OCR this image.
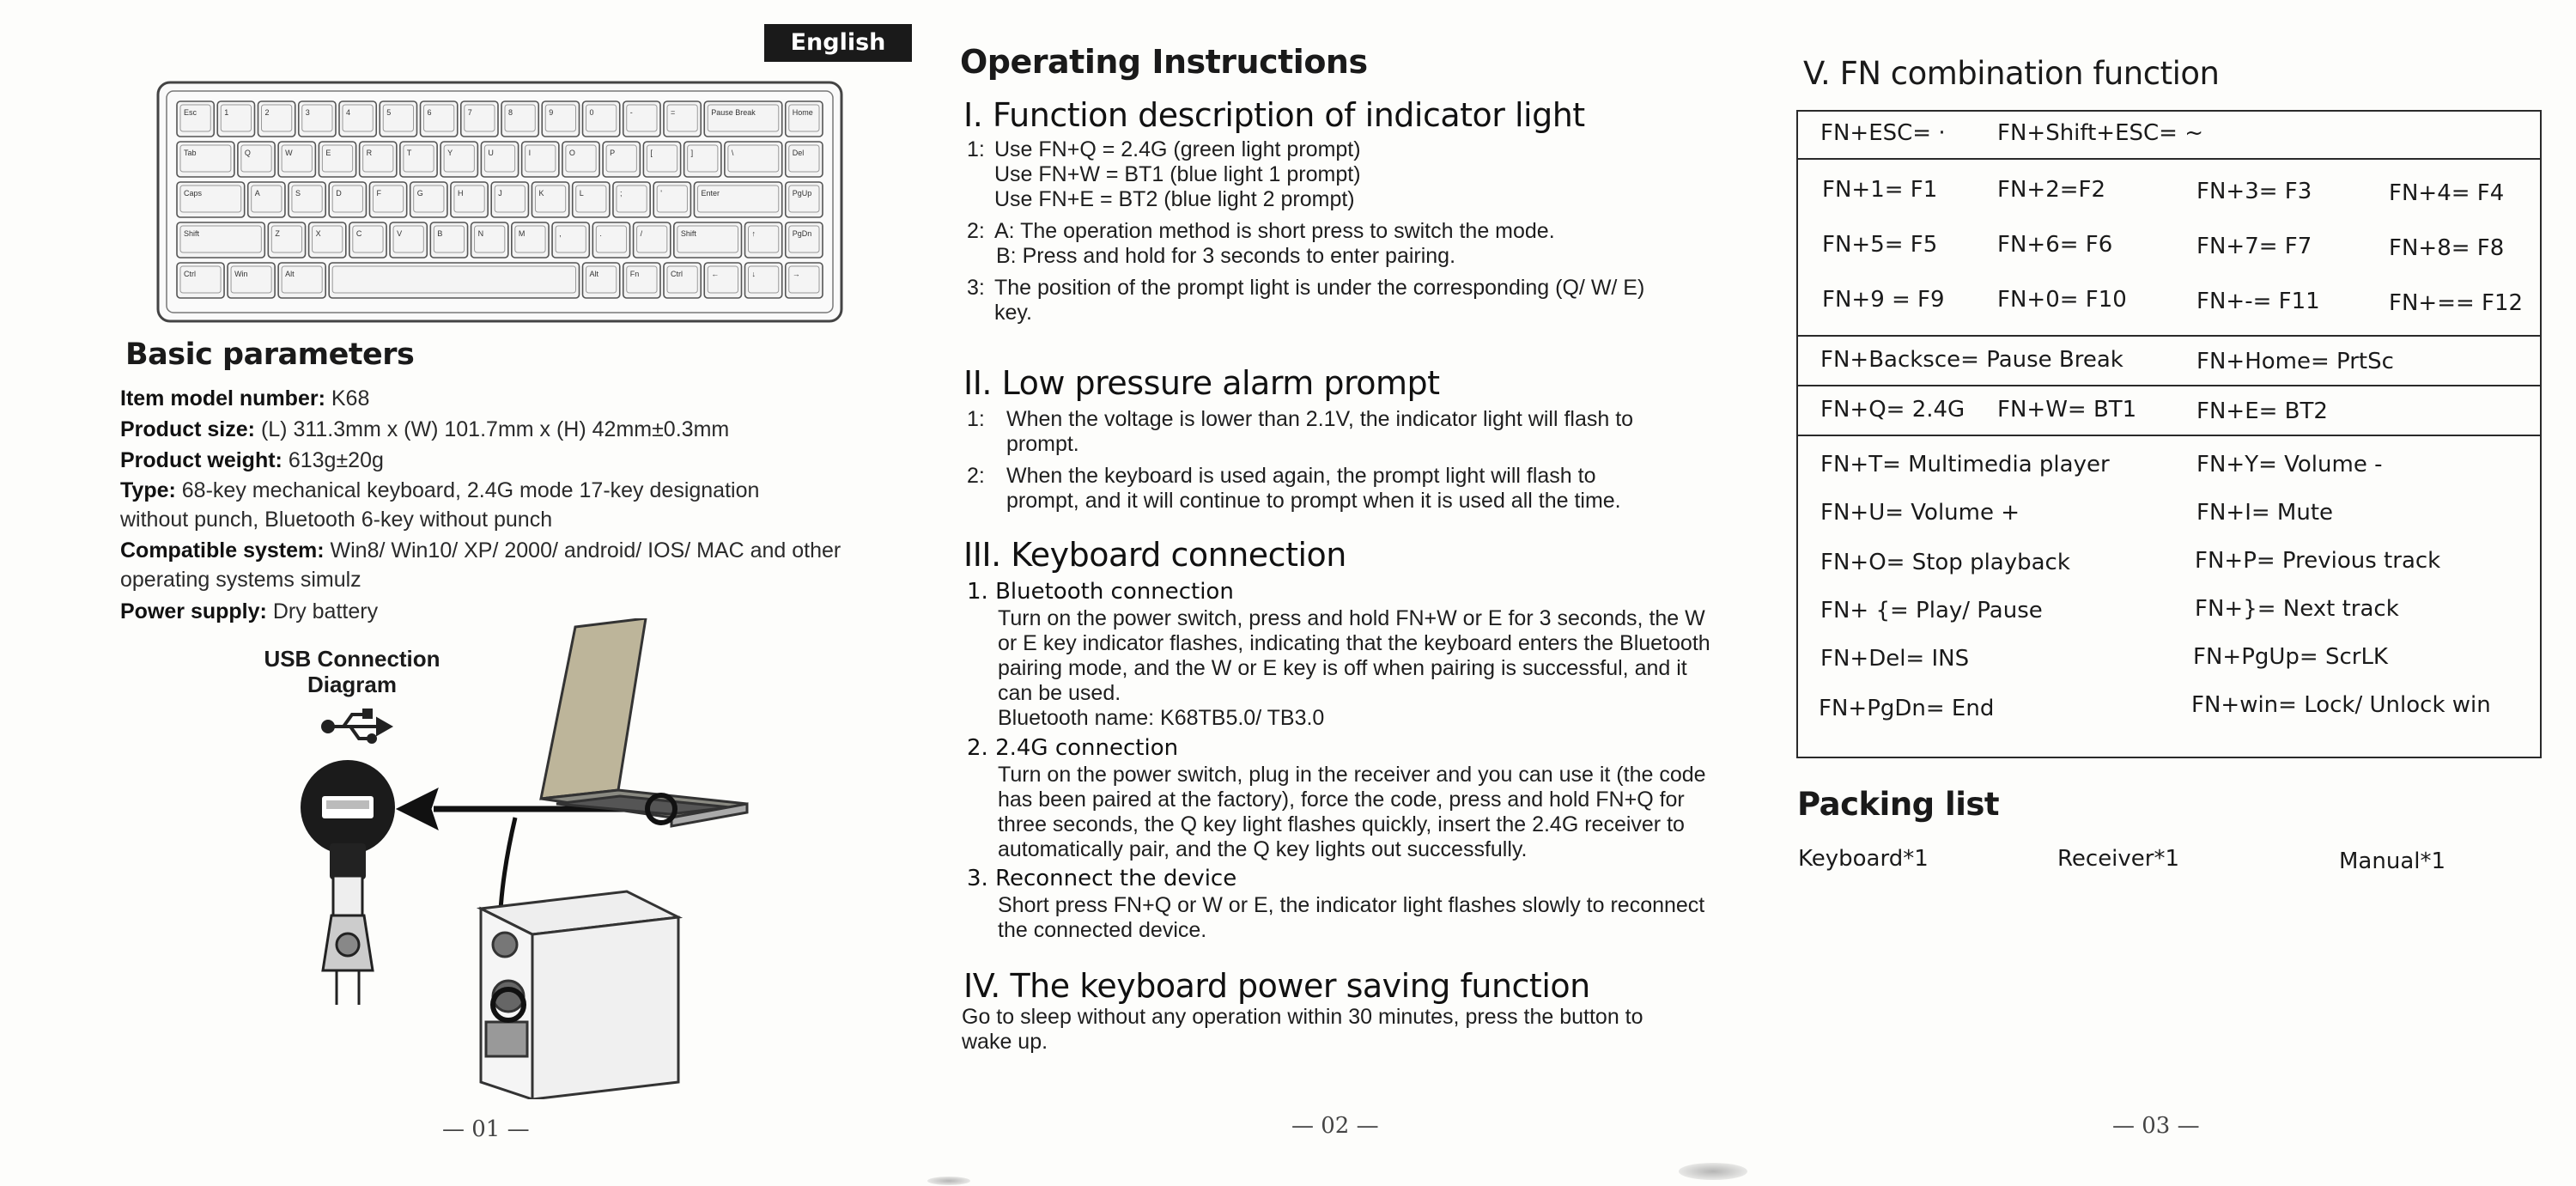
English
Esc	1	2	3	4	5	6	7	8	9	0	-	=	Pause Break	Home
Tab	Q	W	E	R	T	Y	U	I	O	P	[	]	\	Del
Caps	A	S	D	F	G	H	J	K	L	;	'	Enter	PgUp
Shift	Z	X	C	V	B	N	M	,	.	/	Shift	↑	PgDn
Ctrl	Win	Alt	Alt	Fn	Ctrl	←	↓	→
Basic parameters
Item model number: K68
Product size: (L) 311.3mm x (W) 101.7mm x (H) 42mm±0.3mm
Product weight: 613g±20g
Type: 68-key mechanical keyboard, 2.4G mode 17-key designation without punch, Bluetooth 6-key without punch
Compatible system: Win8/ Win10/ XP/ 2000/ android/ IOS/ MAC and other operating systems simulz
Power supply: Dry battery
USB Connection Diagram
— 01 —
Operating Instructions
I. Function description of indicator light
1: Use FN+Q = 2.4G (green light prompt)
Use FN+W = BT1 (blue light 1 prompt)
Use FN+E = BT2 (blue light 2 prompt)
2: A: The operation method is short press to switch the mode.
B: Press and hold for 3 seconds to enter pairing.
3: The position of the prompt light is under the corresponding (Q/ W/ E) key.
II. Low pressure alarm prompt
1: When the voltage is lower than 2.1V, the indicator light will flash to prompt.
2: When the keyboard is used again, the prompt light will flash to prompt, and it will continue to prompt when it is used all the time.
III. Keyboard connection
1. Bluetooth connection
Turn on the power switch, press and hold FN+W or E for 3 seconds, the W or E key indicator flashes, indicating that the keyboard enters the Bluetooth pairing mode, and the W or E key is off when pairing is successful, and it can be used.
Bluetooth name: K68TB5.0/ TB3.0
2. 2.4G connection
Turn on the power switch, plug in the receiver and you can use it (the code has been paired at the factory), force the code, press and hold FN+Q for three seconds, the Q key light flashes quickly, insert the 2.4G receiver to automatically pair, and the Q key lights out successfully.
3. Reconnect the device
Short press FN+Q or W or E, the indicator light flashes slowly to reconnect the connected device.
IV. The keyboard power saving function
Go to sleep without any operation within 30 minutes, press the button to wake up.
— 02 —
V. FN combination function
FN+ESC= · FN+Shift+ESC= ~
FN+1= F1	FN+2=F2	FN+3= F3	FN+4= F4
FN+5= F5	FN+6= F6	FN+7= F7	FN+8= F8
FN+9 = F9 FN+0= F10	FN+-= F11	FN+== F12
FN+Backsce= Pause Break	FN+Home= PrtSc
FN+Q= 2.4G FN+W= BT1	FN+E= BT2
FN+T= Multimedia player	FN+Y= Volume -
FN+U= Volume +	FN+I= Mute
FN+O= Stop playback	FN+P= Previous track
FN+ {= Play/ Pause	FN+}= Next track
FN+Del= INS	FN+PgUp= ScrLK
FN+PgDn= End	FN+win= Lock/ Unlock win
Packing list
Keyboard*1	Receiver*1	Manual*1
— 03 —
